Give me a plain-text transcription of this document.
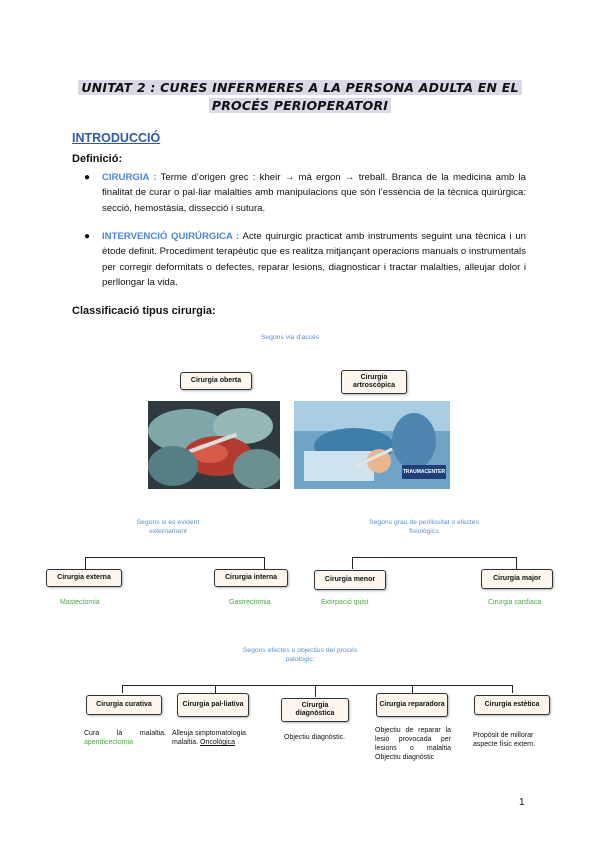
UNITAT 2 : CURES INFERMERES A LA PERSONA ADULTA EN EL
PROCÉS PERIOPERATORI
INTRODUCCIÓ
Definició:
● CIRURGIA : Terme d’origen grec : kheir → mà ergon → treball. Branca de la medicina amb la finalitat de curar o pal·liar malalties amb manipulacions que són l’essència de la tècnica quirúrgica: secció, hemostàsia, dissecció i sutura.
● INTERVENCIÓ QUIRÚRGICA : Acte quirurgic practicat amb instruments seguint una tècnica i un ètode definit. Procediment terapèutic que es realitza mitjançant operacions manuals o instrumentals per corregir deformitats o defectes, reparar lesions, diagnosticar i tractar malalties, alleujar dolor i perllongar la vida.
Classificació tipus cirurgia:
Segons via d'accés
Cirurgia oberta	Cirurgia artroscòpica
TRAUMACENTER
Segons si és evident externament
Cirurgia externa	Cirurgia interna
Mastectomia	Gastrectomia
Segons grau de perillositat o efectes fisiològics
Cirurgia menor	Cirurgia major
Extirpació quist	Cirurgia cardíaca
Segons efectes o objectius del procés patològic:
Cirurgia curativa	Cirurgia pal·liativa	Cirurgia diagnòstica
Cirurgia reparadora	Cirurgia estètica
Cura la malaltia.
apendicectomia
Alleuja simptomatologia
malaltia. Oncològica
Objectiu diagnòstic.
Objectiu de reparar la lesió provocada per lesions o malaltia Objectiu diagnòstic
Propòsit de millorar aspecte físic extern.
1
